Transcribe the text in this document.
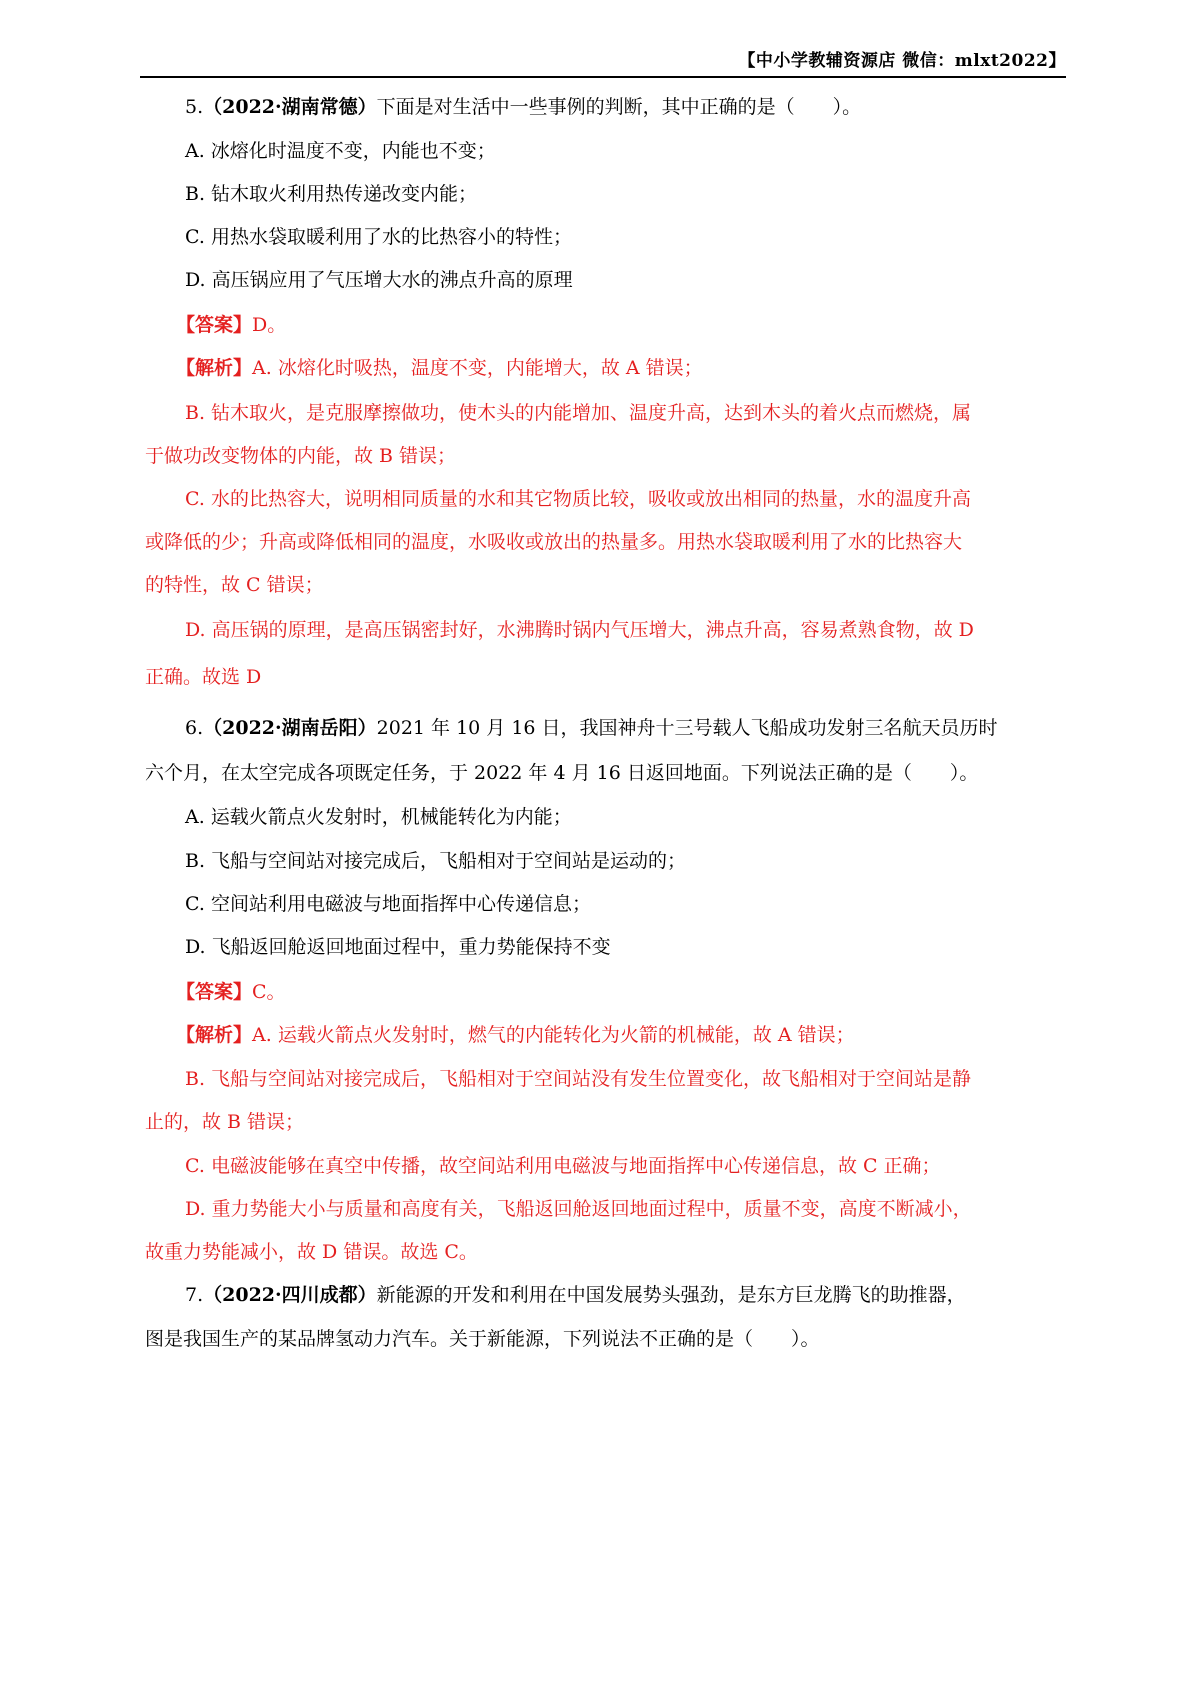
【中小学教辅资源店 微信：mlxt2022】

5.（2022·湖南常德）下面是对生活中一些事例的判断，其中正确的是（　　）。

A. 冰熔化时温度不变，内能也不变；

B. 钻木取火利用热传递改变内能；

C. 用热水袋取暖利用了水的比热容小的特性；

D. 高压锅应用了气压增大水的沸点升高的原理

【答案】D。

【解析】A. 冰熔化时吸热，温度不变，内能增大，故 A 错误；

B. 钻木取火，是克服摩擦做功，使木头的内能增加、温度升高，达到木头的着火点而燃烧，属

于做功改变物体的内能，故 B 错误；

C. 水的比热容大，说明相同质量的水和其它物质比较，吸收或放出相同的热量，水的温度升高

或降低的少；升高或降低相同的温度，水吸收或放出的热量多。用热水袋取暖利用了水的比热容大

的特性，故 C 错误；

D. 高压锅的原理，是高压锅密封好，水沸腾时锅内气压增大，沸点升高，容易煮熟食物，故 D

正确。故选 D

6.（2022·湖南岳阳）2021 年 10 月 16 日，我国神舟十三号载人飞船成功发射三名航天员历时

六个月，在太空完成各项既定任务，于 2022 年 4 月 16 日返回地面。下列说法正确的是（　　）。

A. 运载火箭点火发射时，机械能转化为内能；

B. 飞船与空间站对接完成后，飞船相对于空间站是运动的；

C. 空间站利用电磁波与地面指挥中心传递信息；

D. 飞船返回舱返回地面过程中，重力势能保持不变

【答案】C。

【解析】A. 运载火箭点火发射时，燃气的内能转化为火箭的机械能，故 A 错误；

B. 飞船与空间站对接完成后，飞船相对于空间站没有发生位置变化，故飞船相对于空间站是静

止的，故 B 错误；

C. 电磁波能够在真空中传播，故空间站利用电磁波与地面指挥中心传递信息，故 C 正确；

D. 重力势能大小与质量和高度有关，飞船返回舱返回地面过程中，质量不变，高度不断减小，

故重力势能减小，故 D 错误。故选 C。

7.（2022·四川成都）新能源的开发和利用在中国发展势头强劲，是东方巨龙腾飞的助推器，

图是我国生产的某品牌氢动力汽车。关于新能源，下列说法不正确的是（　　）。
